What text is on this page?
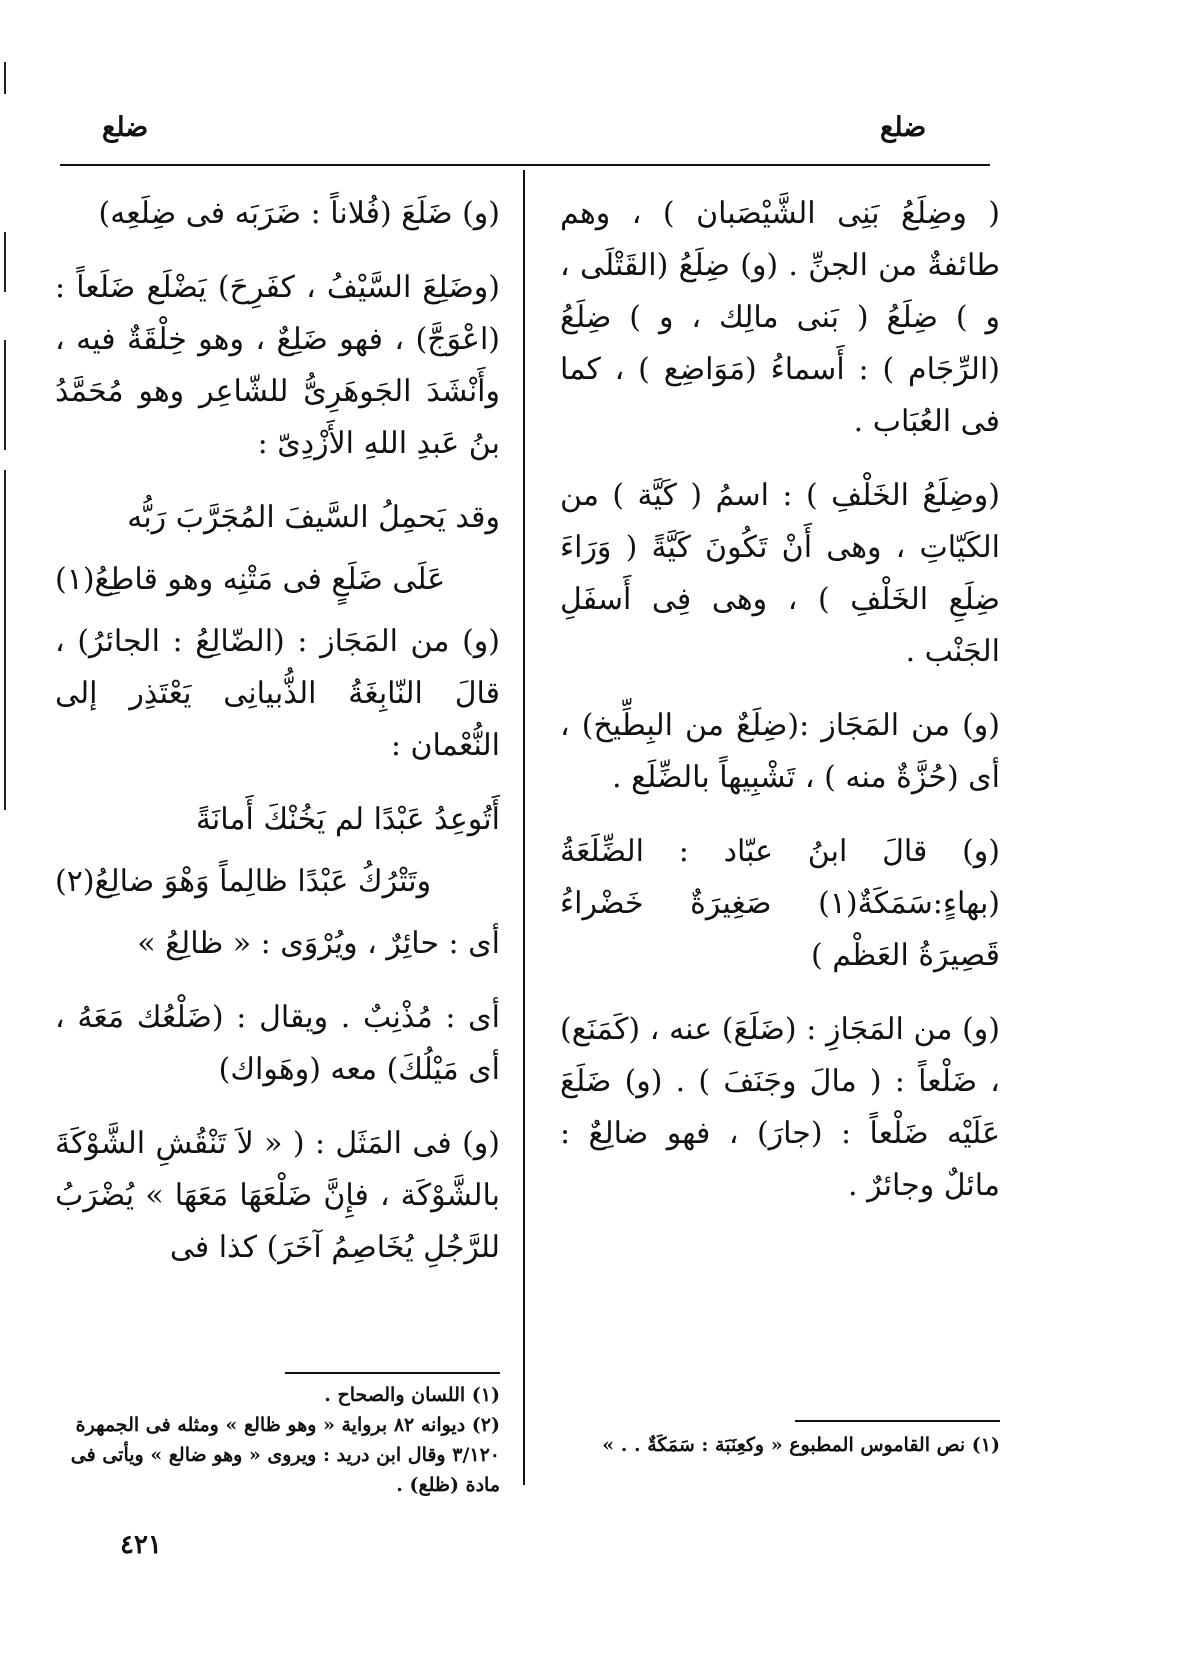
ضلع
ضلع

( وضِلَعُ بَنِى الشَّيْصَبان ) ، وهم طائفةٌ من الجنِّ . (و) ضِلَعُ (القَتْلَى ، و ) ضِلَعُ ( بَنى مالِك ، و ) ضِلَعُ (الرِّجَام ) : أَسماءُ (مَوَاضِع ) ، كما فى العُبَاب .

(وضِلَعُ الخَلْفِ ) : اسمُ ( كَيَّة ) من الكَيّاتِ ، وهى أَنْ تَكُونَ كَيَّةً ( وَرَاءَ ضِلَعِ الخَلْفِ ) ، وهى فِى أَسفَلِ الجَنْب .

(و) من المَجَاز :(ضِلَعٌ من البِطِّيخ) ، أى (حُزَّةٌ منه ) ، تَشْبِيهاً بالضِّلَع .

(و) قالَ ابنُ عبّاد : الضِّلَعَةُ (بهاءٍ:سَمَكَةٌ(١) صَغِيرَةٌ خَضْراءُ قَصِيرَةُ العَظْم )

(و) من المَجَازِ : (ضَلَعَ) عنه ، (كَمَنَع) ، ضَلْعاً : ( مالَ وجَنَفَ ) . (و) ضَلَعَ عَلَيْه ضَلْعاً : (جارَ) ، فهو ضالِعٌ : مائلٌ وجائرٌ .

(١) نص القاموس المطبوع « وكعِنَبَة : سَمَكَةٌ . . »

(و) ضَلَعَ (فُلاناً : ضَرَبَه فى ضِلَعِه)

(وضَلِعَ السَّيْفُ ، كفَرِحَ) يَضْلَع ضَلَعاً : (اعْوَجَّ) ، فهو ضَلِعٌ ، وهو خِلْقَةٌ فيه ، وأَنْشَدَ الجَوهَرِىُّ للشّاعِر وهو مُحَمَّدُ بنُ عَبدِ اللهِ الأَزْدِىّ :

وقد يَحمِلُ السَّيفَ المُجَرَّبَ رَبُّه

عَلَى ضَلَعٍ فى مَتْنِه وهو قاطِعُ(١)

(و) من المَجَاز : (الضّالِعُ : الجائرُ) ، قالَ النّابِغَةُ الذُّبيانِى يَعْتَذِر إلى النُّعْمان :

أَتُوعِدُ عَبْدًا لم يَخُنْكَ أَمانَةً

وتَتْرُكُ عَبْدًا ظالِماً وَهْوَ ضالِعُ(٢)

أى : حائِرٌ ، ويُرْوَى : « ظالِعُ »

أى : مُذْنِبٌ . ويقال : (ضَلْعُك مَعَهُ ، أى مَيْلُكَ) معه (وهَواك)

(و) فى المَثَل : ( « لاَ تَنْقُشِ الشَّوْكَةَ بالشَّوْكَة ، فإِنَّ ضَلْعَهَا مَعَهَا » يُضْرَبُ للرَّجُلِ يُخَاصِمُ آخَرَ) كذا فى

(١) اللسان والصحاح .

(٢) ديوانه ٨٢ برواية « وهو ظالع » ومثله فى الجمهرة ٣/١٢٠ وقال ابن دريد : ويروى « وهو ضالع » ويأتى فى مادة (ظلع) .

٤٢١
